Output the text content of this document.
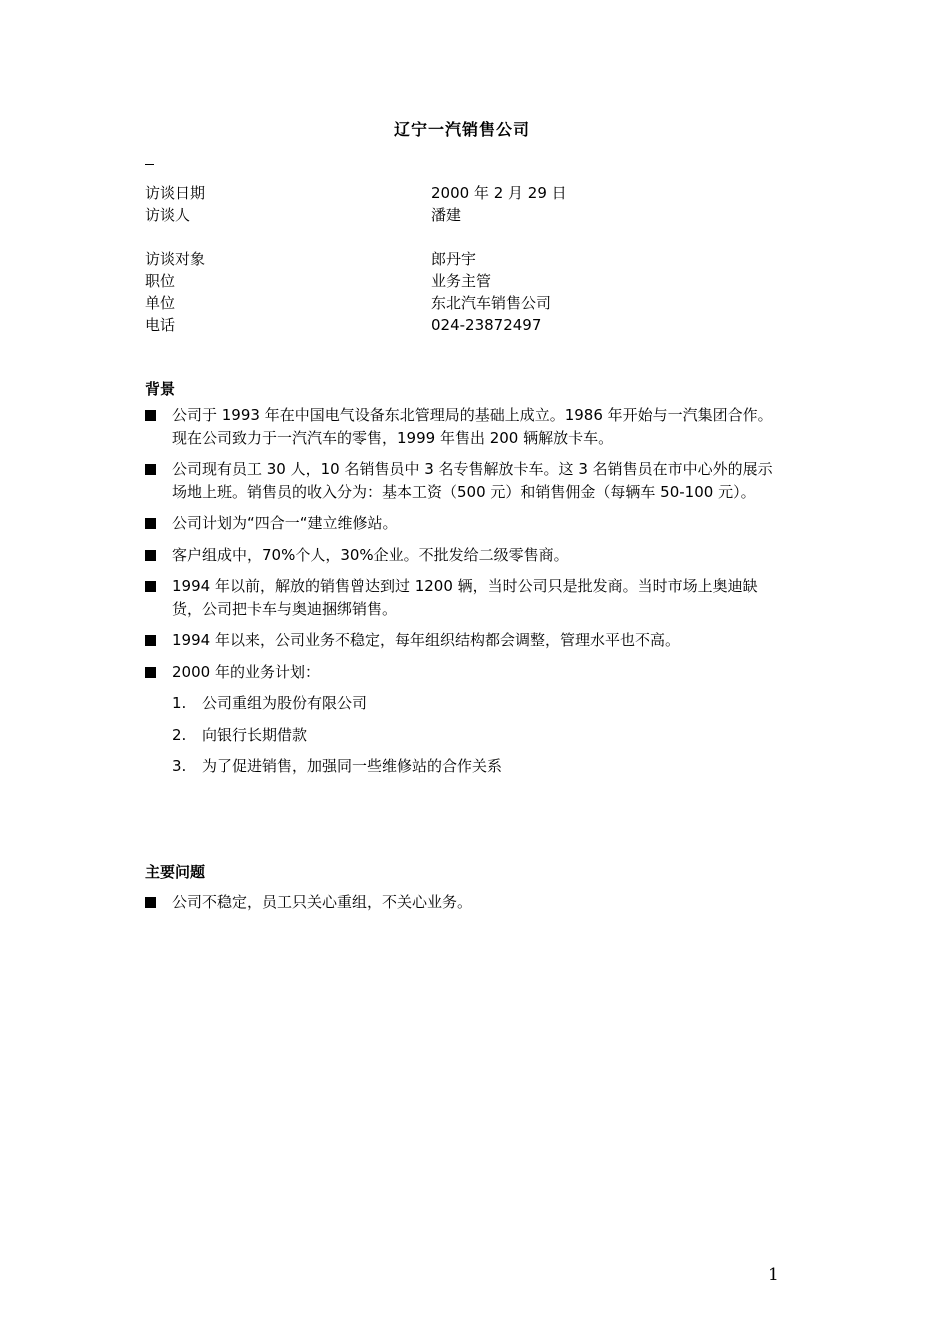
辽宁一汽销售公司
访谈日期	2000 年 2 月 29 日
访谈人	潘建
访谈对象	郎丹宇
职位	业务主管
单位	东北汽车销售公司
电话	024-23872497
背景
公司于 1993 年在中国电气设备东北管理局的基础上成立。1986 年开始与一汽集团合作。现在公司致力于一汽汽车的零售，1999 年售出 200 辆解放卡车。
公司现有员工 30 人，10 名销售员中 3 名专售解放卡车。这 3 名销售员在市中心外的展示场地上班。销售员的收入分为：基本工资（500 元）和销售佣金（每辆车 50-100 元）。
公司计划为“四合一“建立维修站。
客户组成中，70%个人，30%企业。不批发给二级零售商。
1994 年以前，解放的销售曾达到过 1200 辆，当时公司只是批发商。当时市场上奥迪缺货，公司把卡车与奥迪捆绑销售。
1994 年以来，公司业务不稳定，每年组织结构都会调整，管理水平也不高。
2000 年的业务计划：
1.	公司重组为股份有限公司
2.	向银行长期借款
3.	为了促进销售，加强同一些维修站的合作关系
主要问题
公司不稳定，员工只关心重组，不关心业务。
1
